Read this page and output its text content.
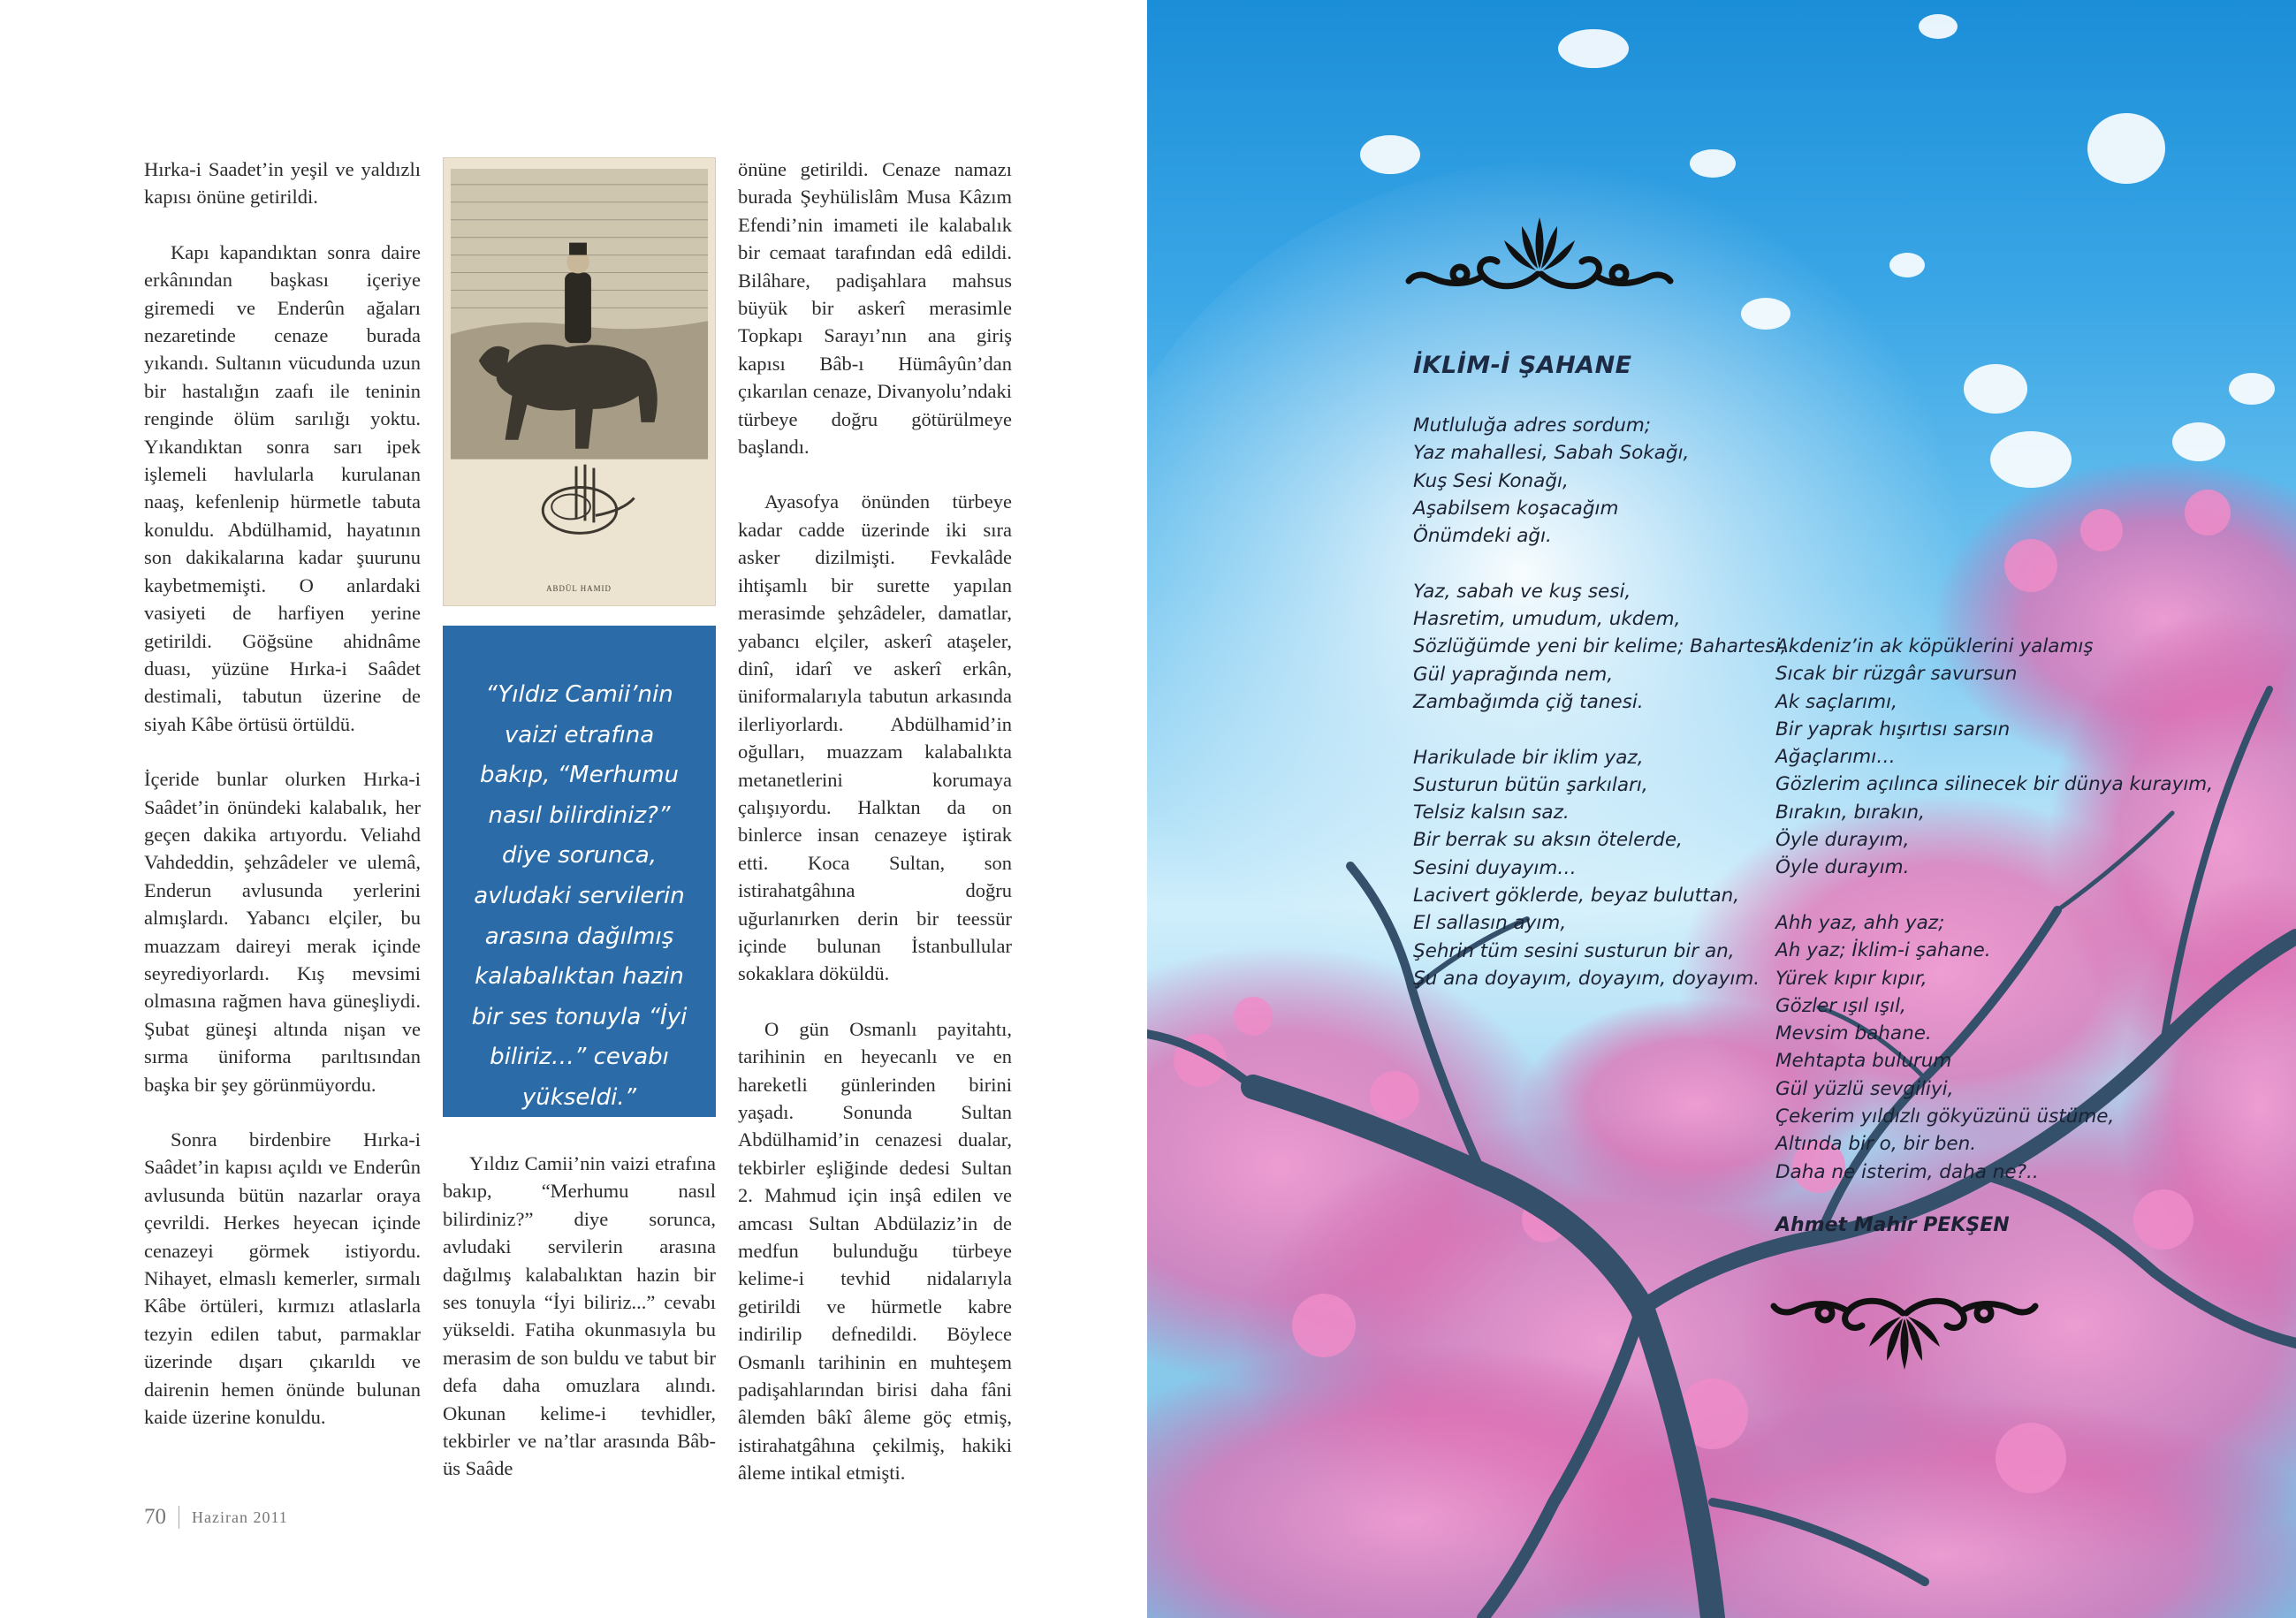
Hırka-i Saadet’in yeşil ve yaldızlı kapısı önüne getirildi.

Kapı kapandıktan sonra daire erkânından başkası içeriye giremedi ve Enderûn ağaları nezaretinde cenaze burada yıkandı. Sultanın vücudunda uzun bir hastalığın zaafı ile teninin renginde ölüm sarılığı yoktu. Yıkandıktan sonra sarı ipek işlemeli havlularla kurulanan naaş, kefenlenip hürmetle tabuta konuldu. Abdülhamid, hayatının son dakikalarına kadar şuurunu kaybetmemişti. O anlardaki vasiyeti de harfiyen yerine getirildi. Göğsüne ahidnâme duası, yüzüne Hırka-i Saâdet destimali, tabutun üzerine de siyah Kâbe örtüsü örtüldü.

İçeride bunlar olurken Hırka-i Saâdet’in önündeki kalabalık, her geçen dakika artıyordu. Veliahd Vahdeddin, şehzâdeler ve ulemâ, Enderun avlusunda yerlerini almışlardı. Yabancı elçiler, bu muazzam daireyi merak içinde seyrediyorlardı. Kış mevsimi olmasına rağmen hava güneşliydi. Şubat güneşi altında nişan ve sırma üniforma parıltısından başka bir şey görünmüyordu.

Sonra birdenbire Hırka-i Saâdet’in kapısı açıldı ve Enderûn avlusunda bütün nazarlar oraya çevrildi. Herkes heyecan içinde cenazeyi görmek istiyordu. Nihayet, elmaslı kemerler, sırmalı Kâbe örtüleri, kırmızı atlaslarla tezyin edilen tabut, parmaklar üzerinde dışarı çıkarıldı ve dairenin hemen önünde bulunan kaide üzerine konuldu.

ABDÜL HAMID
“Yıldız Camii’nin vaizi etrafına bakıp, “Merhumu nasıl bilirdiniz?” diye sorunca, avludaki servilerin arasına dağılmış kalabalıktan hazin bir ses tonuyla “İyi biliriz…” cevabı yükseldi.”

Yıldız Camii’nin vaizi etrafına bakıp, “Merhumu nasıl bilirdiniz?” diye sorunca, avludaki servilerin arasına dağılmış kalabalıktan hazin bir ses tonuyla “İyi biliriz...” cevabı yükseldi. Fatiha okunmasıyla bu merasim de son buldu ve tabut bir defa daha omuzlara alındı. Okunan kelime-i tevhidler, tekbirler ve na’tlar arasında Bâb-üs Saâde

önüne getirildi. Cenaze namazı burada Şeyhülislâm Musa Kâzım Efendi’nin imameti ile kalabalık bir cemaat tarafından edâ edildi. Bilâhare, padişahlara mahsus büyük bir askerî merasimle Topkapı Sarayı’nın ana giriş kapısı Bâb-ı Hümâyûn’dan çıkarılan cenaze, Divanyolu’ndaki türbeye doğru götürülmeye başlandı.

Ayasofya önünden türbeye kadar cadde üzerinde iki sıra asker dizilmişti. Fevkalâde ihtişamlı bir surette yapılan merasimde şehzâdeler, damatlar, yabancı elçiler, askerî ataşeler, dinî, idarî ve askerî erkân, üniformalarıyla tabutun arkasında ilerliyorlardı. Abdülhamid’in oğulları, muazzam kalabalıkta metanetlerini korumaya çalışıyordu. Halktan da on binlerce insan cenazeye iştirak etti. Koca Sultan, son istirahatgâhına doğru uğurlanırken derin bir teessür içinde bulunan İstanbullular sokaklara döküldü.

O gün Osmanlı payitahtı, tarihinin en heyecanlı ve en hareketli günlerinden birini yaşadı. Sonunda Sultan Abdülhamid’in cenazesi dualar, tekbirler eşliğinde dedesi Sultan 2. Mahmud için inşâ edilen ve amcası Sultan Abdülaziz’in de medfun bulunduğu türbeye kelime-i tevhid nidalarıyla getirildi ve hürmetle kabre indirilip defnedildi. Böylece Osmanlı tarihinin en muhteşem padişahlarından birisi daha fâni âlemden bâkî âleme göç etmiş, istirahatgâhına çekilmiş, hakiki âleme intikal etmişti.

70 Haziran 2011
İKLİM-İ ŞAHANE
Mutluluğa adres sordum;
Yaz mahallesi, Sabah Sokağı,
Kuş Sesi Konağı,
Aşabilsem koşacağım
Önümdeki ağı.
Yaz, sabah ve kuş sesi,
Hasretim, umudum, ukdem,
Sözlüğümde yeni bir kelime; Bahartesi,
Gül yaprağında nem,
Zambağımda çiğ tanesi.
Harikulade bir iklim yaz,
Susturun bütün şarkıları,
Telsiz kalsın saz.
Bir berrak su aksın ötelerde,
Sesini duyayım…
Lacivert göklerde, beyaz buluttan,
El sallasın ayım,
Şehrin tüm sesini susturun bir an,
Şu ana doyayım, doyayım, doyayım.
Akdeniz’in ak köpüklerini yalamış
Sıcak bir rüzgâr savursun
Ak saçlarımı,
Bir yaprak hışırtısı sarsın
Ağaçlarımı…
Gözlerim açılınca silinecek bir dünya kurayım,
Bırakın, bırakın,
Öyle durayım,
Öyle durayım.
Ahh yaz, ahh yaz;
Ah yaz; İklim-i şahane.
Yürek kıpır kıpır,
Gözler ışıl ışıl,
Mevsim bahane.
Mehtapta bulurum
Gül yüzlü sevgiliyi,
Çekerim yıldızlı gökyüzünü üstüme,
Altında bir o, bir ben.
Daha ne isterim, daha ne?..
Ahmet Mahir PEKŞEN
